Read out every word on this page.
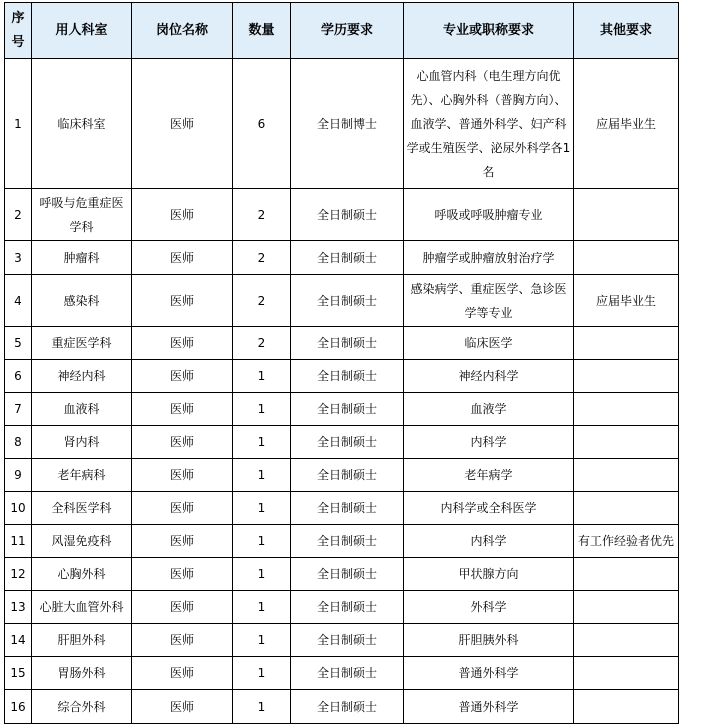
序号	用人科室	岗位名称	数量	学历要求	专业或职称要求	其他要求
1	临床科室	医师	6	全日制博士	心血管内科（电生理方向优先）、心胸外科（普胸方向）、血液学、普通外科学、妇产科学或生殖医学、泌尿外科学各1名	应届毕业生
2	呼吸与危重症医学科	医师	2	全日制硕士	呼吸或呼吸肿瘤专业	
3	肿瘤科	医师	2	全日制硕士	肿瘤学或肿瘤放射治疗学	
4	感染科	医师	2	全日制硕士	感染病学、重症医学、急诊医学等专业	应届毕业生
5	重症医学科	医师	2	全日制硕士	临床医学	
6	神经内科	医师	1	全日制硕士	神经内科学	
7	血液科	医师	1	全日制硕士	血液学	
8	肾内科	医师	1	全日制硕士	内科学	
9	老年病科	医师	1	全日制硕士	老年病学	
10	全科医学科	医师	1	全日制硕士	内科学或全科医学	
11	风湿免疫科	医师	1	全日制硕士	内科学	有工作经验者优先
12	心胸外科	医师	1	全日制硕士	甲状腺方向	
13	心脏大血管外科	医师	1	全日制硕士	外科学	
14	肝胆外科	医师	1	全日制硕士	肝胆胰外科	
15	胃肠外科	医师	1	全日制硕士	普通外科学	
16	综合外科	医师	1	全日制硕士	普通外科学	
